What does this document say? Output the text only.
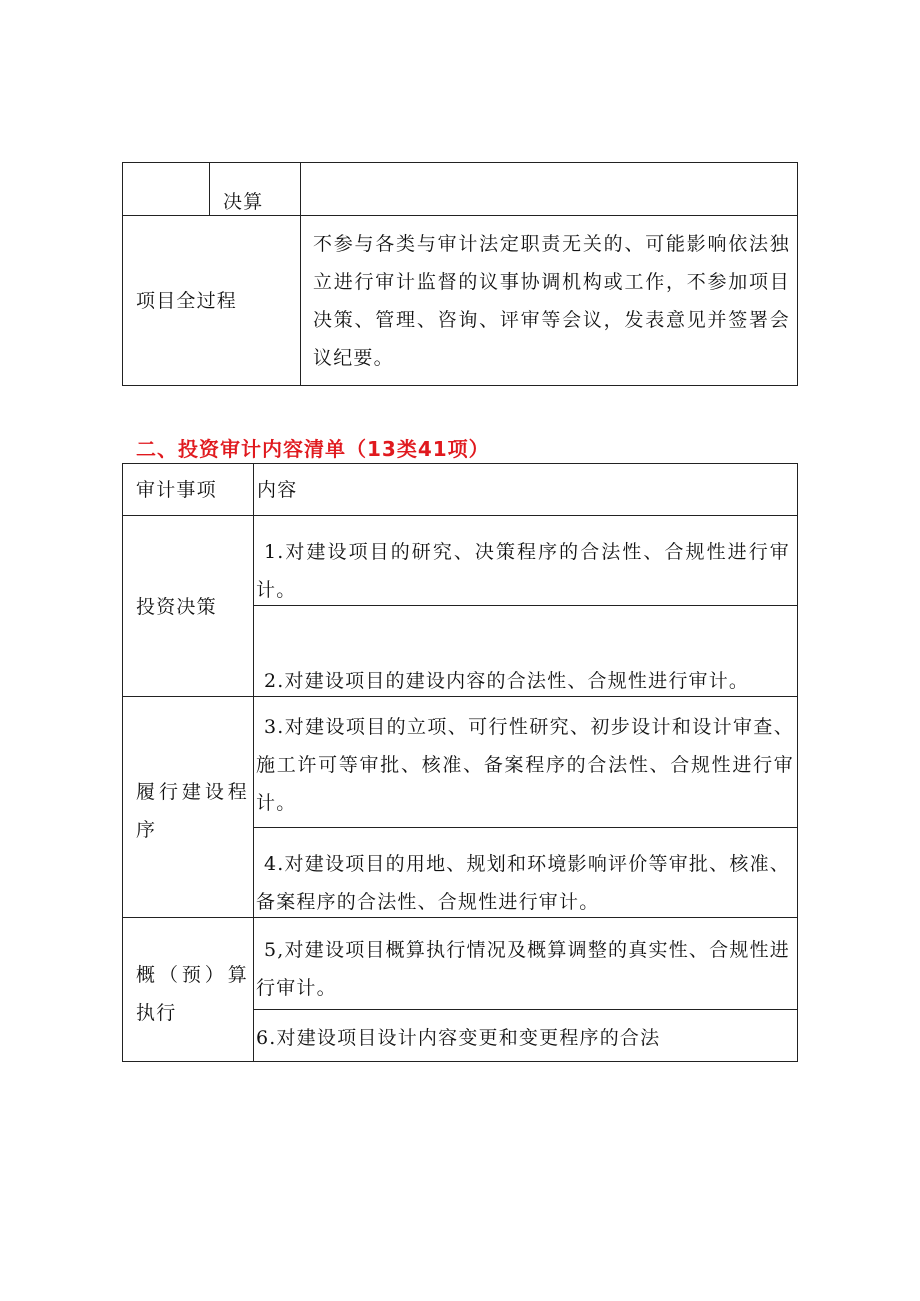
决算
项目全过程
不参与各类与审计法定职责无关的、可能影响依法独立进行审计监督的议事协调机构或工作，不参加项目决策、管理、咨询、评审等会议，发表意见并签署会议纪要。
二、投资审计内容清单（13类41项）
审计事项 内容
投资决策
1.对建设项目的研究、决策程序的合法性、合规性进行审计。
2.对建设项目的建设内容的合法性、合规性进行审计。
履行建设程序
3.对建设项目的立项、可行性研究、初步设计和设计审查、施工许可等审批、核准、备案程序的合法性、合规性进行审计。
4.对建设项目的用地、规划和环境影响评价等审批、核准、备案程序的合法性、合规性进行审计。
概（预）算执行
5,对建设项目概算执行情况及概算调整的真实性、合规性进行审计。
6.对建设项目设计内容变更和变更程序的合法
